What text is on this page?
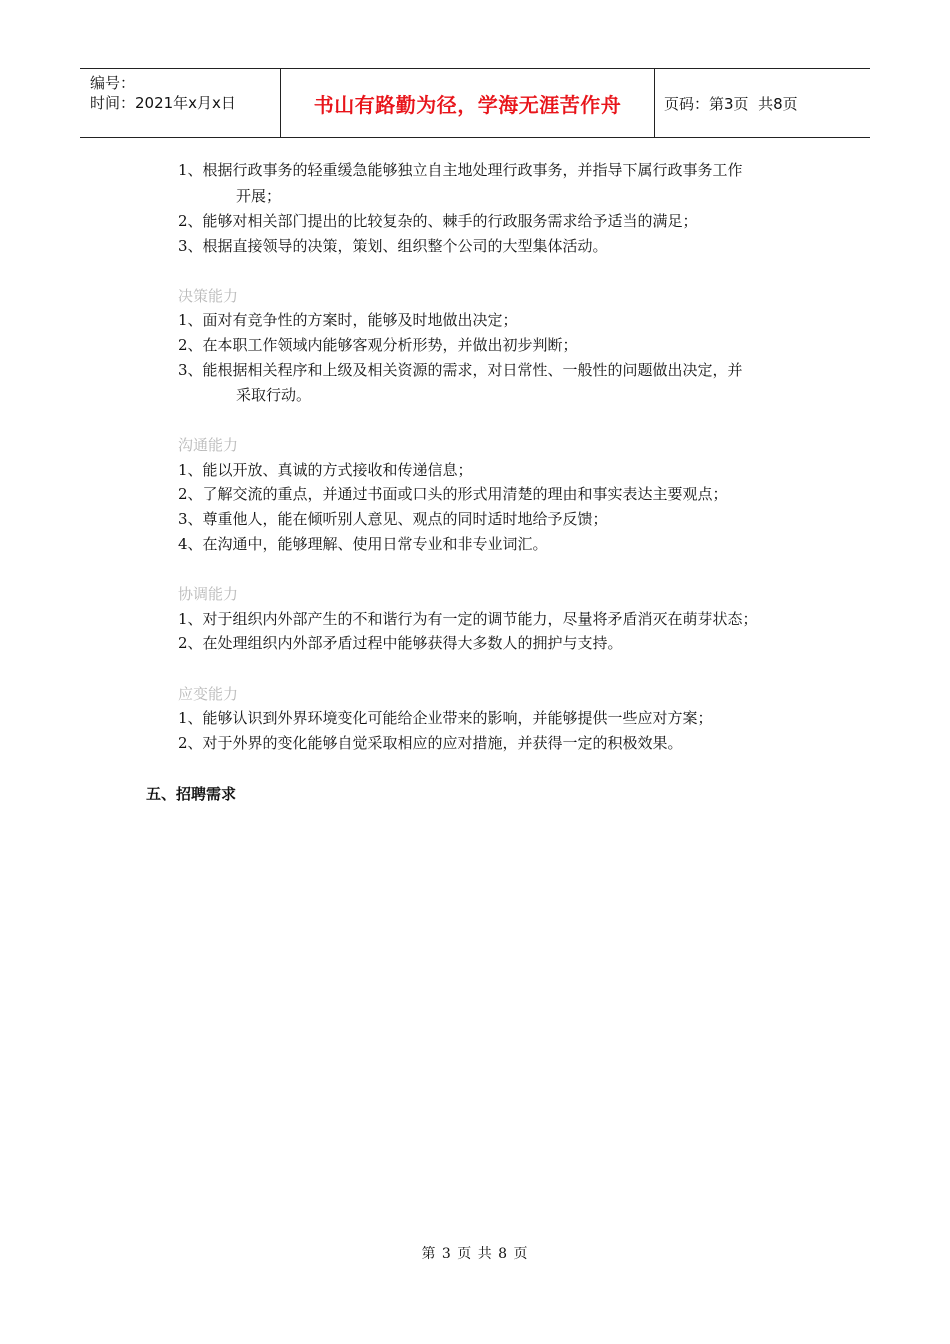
编号：
时间：2021年x月x日	书山有路勤为径，学海无涯苦作舟	页码：第3页  共8页
1、根据行政事务的轻重缓急能够独立自主地处理行政事务，并指导下属行政事务工作
开展；
2、能够对相关部门提出的比较复杂的、棘手的行政服务需求给予适当的满足；
3、根据直接领导的决策，策划、组织整个公司的大型集体活动。
决策能力
1、面对有竞争性的方案时，能够及时地做出决定；
2、在本职工作领域内能够客观分析形势，并做出初步判断；
3、能根据相关程序和上级及相关资源的需求，对日常性、一般性的问题做出决定，并
采取行动。
沟通能力
1、能以开放、真诚的方式接收和传递信息；
2、了解交流的重点，并通过书面或口头的形式用清楚的理由和事实表达主要观点；
3、尊重他人，能在倾听别人意见、观点的同时适时地给予反馈；
4、在沟通中，能够理解、使用日常专业和非专业词汇。
协调能力
1、对于组织内外部产生的不和谐行为有一定的调节能力，尽量将矛盾消灭在萌芽状态；
2、在处理组织内外部矛盾过程中能够获得大多数人的拥护与支持。
应变能力
1、能够认识到外界环境变化可能给企业带来的影响，并能够提供一些应对方案；
2、对于外界的变化能够自觉采取相应的应对措施，并获得一定的积极效果。
五、招聘需求
第 3 页 共 8 页
